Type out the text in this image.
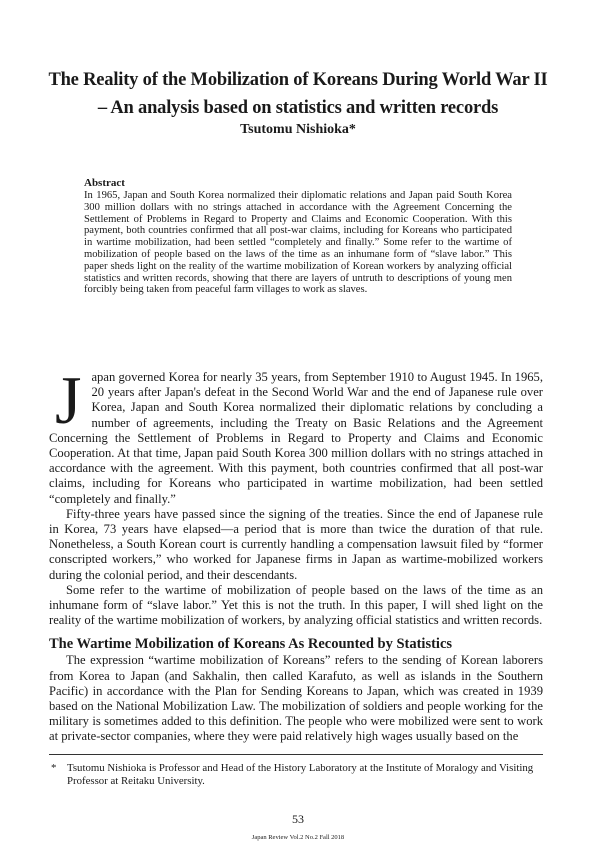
The Reality of the Mobilization of Koreans During World War II
– An analysis based on statistics and written records
Tsutomu Nishioka*
Abstract
In 1965, Japan and South Korea normalized their diplomatic relations and Japan paid South Korea 300 million dollars with no strings attached in accordance with the Agreement Concerning the Settlement of Problems in Regard to Property and Claims and Economic Cooperation. With this payment, both countries confirmed that all post-war claims, including for Koreans who participated in wartime mobilization, had been settled “completely and finally.” Some refer to the wartime of mobilization of people based on the laws of the time as an inhumane form of “slave labor.” This paper sheds light on the reality of the wartime mobilization of Korean workers by analyzing official statistics and written records, showing that there are layers of untruth to descriptions of young men forcibly being taken from peaceful farm villages to work as slaves.

Japan governed Korea for nearly 35 years, from September 1910 to August 1945. In 1965, 20 years after Japan's defeat in the Second World War and the end of Japanese rule over Korea, Japan and South Korea normalized their diplomatic relations by concluding a number of agreements, including the Treaty on Basic Relations and the Agreement Concerning the Settlement of Problems in Regard to Property and Claims and Economic Cooperation. At that time, Japan paid South Korea 300 million dollars with no strings attached in accordance with the agreement. With this payment, both countries confirmed that all post-war claims, including for Koreans who participated in wartime mobilization, had been settled “completely and finally.”

Fifty-three years have passed since the signing of the treaties. Since the end of Japanese rule in Korea, 73 years have elapsed—a period that is more than twice the duration of that rule. Nonetheless, a South Korean court is currently handling a compensation lawsuit filed by “former conscripted workers,” who worked for Japanese firms in Japan as wartime-mobilized workers during the colonial period, and their descendants.

Some refer to the wartime of mobilization of people based on the laws of the time as an inhumane form of “slave labor.” Yet this is not the truth. In this paper, I will shed light on the reality of the wartime mobilization of workers, by analyzing official statistics and written records.

The Wartime Mobilization of Koreans As Recounted by Statistics

The expression “wartime mobilization of Koreans” refers to the sending of Korean laborers from Korea to Japan (and Sakhalin, then called Karafuto, as well as islands in the Southern Pacific) in accordance with the Plan for Sending Koreans to Japan, which was created in 1939 based on the National Mobilization Law. The mobilization of soldiers and people working for the military is sometimes added to this definition. The people who were mobilized were sent to work at private-sector companies, where they were paid relatively high wages usually based on the

* Tsutomu Nishioka is Professor and Head of the History Laboratory at the Institute of Moralogy and Visiting Professor at Reitaku University.
53
Japan Review Vol.2 No.2 Fall 2018
